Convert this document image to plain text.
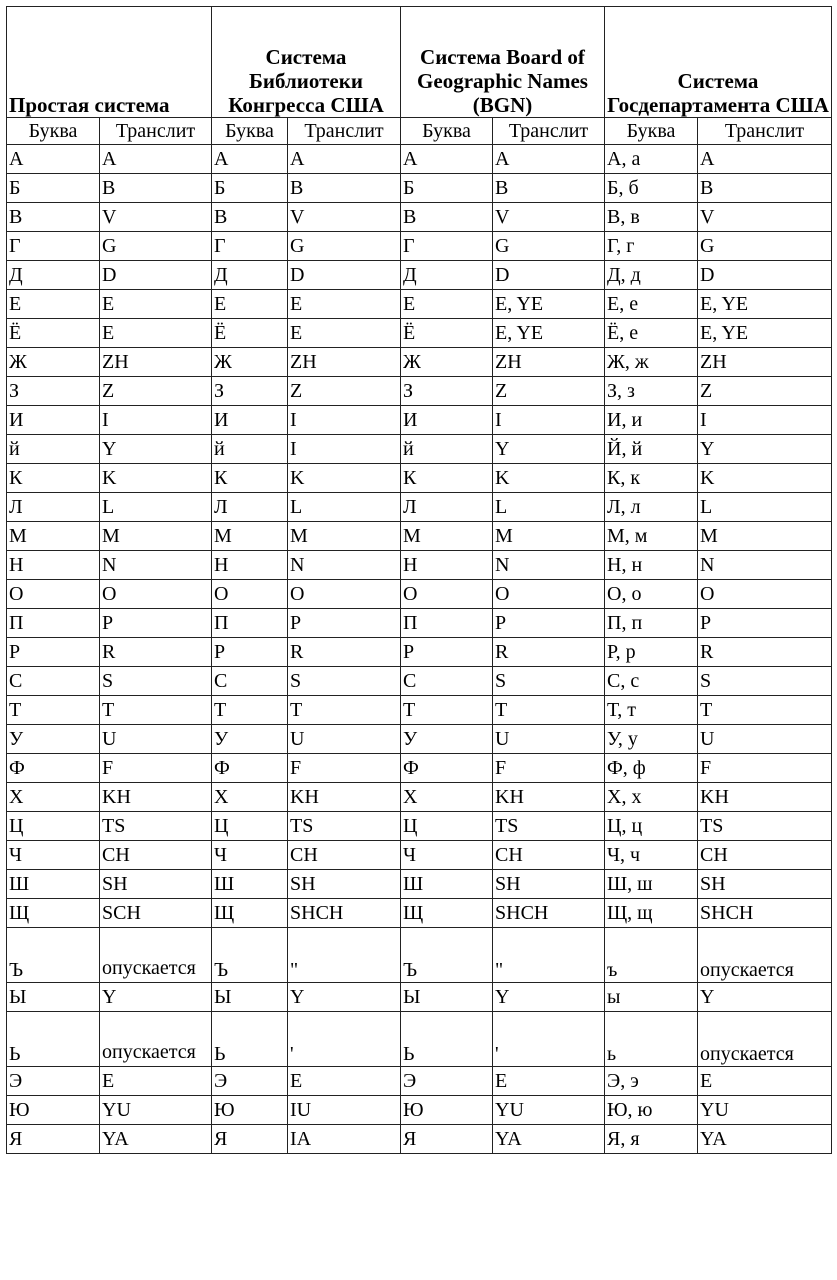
Простая система		Система Библиотеки Конгресса США		Система Board of Geographic Names (BGN)		Система Госдепартамента США	
Буква	Транслит	Буква	Транслит	Буква	Транслит	Буква	Транслит
А	A	А	A	А	A	А, а	A
Б	B	Б	B	Б	B	Б, б	B
В	V	В	V	В	V	В, в	V
Г	G	Г	G	Г	G	Г, г	G
Д	D	Д	D	Д	D	Д, д	D
Е	E	Е	E	Е	E, YE	Е, е	E, YE
Ё	E	Ё	E	Ё	E, YE	Ё, е	E, YE
Ж	ZH	Ж	ZH	Ж	ZH	Ж, ж	ZH
З	Z	З	Z	З	Z	З, з	Z
И	I	И	I	И	I	И, и	I
й	Y	й	I	й	Y	Й, й	Y
К	K	К	K	К	K	К, к	K
Л	L	Л	L	Л	L	Л, л	L
М	M	М	M	М	M	М, м	M
Н	N	Н	N	Н	N	Н, н	N
О	O	О	O	О	O	О, о	O
П	P	П	P	П	P	П, п	P
Р	R	Р	R	Р	R	Р, р	R
С	S	С	S	С	S	С, с	S
Т	T	Т	T	Т	T	Т, т	T
У	U	У	U	У	U	У, у	U
Ф	F	Ф	F	Ф	F	Ф, ф	F
Х	KH	Х	KH	Х	KH	Х, х	KH
Ц	TS	Ц	TS	Ц	TS	Ц, ц	TS
Ч	CH	Ч	CH	Ч	CH	Ч, ч	CH
Ш	SH	Ш	SH	Ш	SH	Ш, ш	SH
Щ	SCH	Щ	SHCH	Щ	SHCH	Щ, щ	SHCH
Ъ	опускается	Ъ	"	Ъ	"	ъ	опускается
Ы	Y	Ы	Y	Ы	Y	ы	Y
Ь	опускается	Ь	'	Ь	'	ь	опускается
Э	E	Э	E	Э	E	Э, э	E
Ю	YU	Ю	IU	Ю	YU	Ю, ю	YU
Я	YA	Я	IA	Я	YA	Я, я	YA
